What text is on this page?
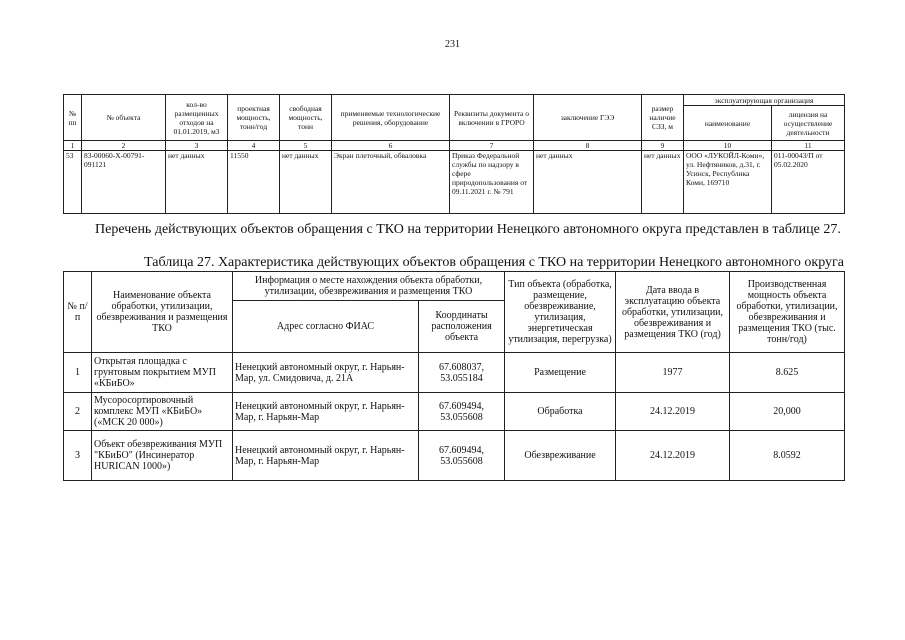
231
№ пп	№ объекта	кол-во размещенных отходов на 01.01.2019, м3	проектная мощность, тонн/год	свободная мощность, тонн	применяемые технологические решения, оборудование	Реквизиты документа о включении в ГРОРО	заключение ГЭЭ	размер наличие СЗЗ, м	эксплуатирующая организация	
									наименование	лицензия на осуществление деятельности
1	2	3	4	5	6	7	8	9	10	11
53	83-00060-Х-00791-091121	нет данных	11550	нет данных	Экран плеточный, обваловка	Приказ Федеральной службы по надзору в сфере природопользования от 09.11.2021 г. № 791	нет данных	нет данных	ООО «ЛУКОЙЛ-Коми», ул. Нефтяников, д.31, г. Усинск, Республика Коми, 169710	011-00043/П от 05.02.2020
Перечень действующих объектов обращения с ТКО на территории Ненецкого автономного округа представлен в таблице 27.
Таблица 27. Характеристика действующих объектов обращения с ТКО на территории Ненецкого автономного округа
№ п/п	Наименование объекта обработки, утилизации, обезвреживания и размещения ТКО	Информация о месте нахождения объекта обработки, утилизации, обезвреживания и размещения ТКО		Тип объекта (обработка, размещение, обезвреживание, утилизация, энергетическая утилизация, перегрузка)	Дата ввода в эксплуатацию объекта обработки, утилизации, обезвреживания и размещения ТКО (год)	Производственная мощность объекта обработки, утилизации, обезвреживания и размещения ТКО (тыс. тонн/год)
		Адрес согласно ФИАС	Координаты расположения объекта			
1	Открытая площадка с грунтовым покрытием МУП «КБиБО»	Ненецкий автономный округ, г. Нарьян-Мар, ул. Смидовича, д. 21А	67.608037, 53.055184	Размещение	1977	8.625
2	Мусоросортировочный комплекс МУП «КБиБО» («МСК 20 000»)	Ненецкий автономный округ, г. Нарьян-Мар, г. Нарьян-Мар	67.609494, 53.055608	Обработка	24.12.2019	20,000
3	Объект обезвреживания МУП "КБиБО" (Инсинератор HURICAN 1000»)	Ненецкий автономный округ, г. Нарьян-Мар, г. Нарьян-Мар	67.609494, 53.055608	Обезвреживание	24.12.2019	8.0592
